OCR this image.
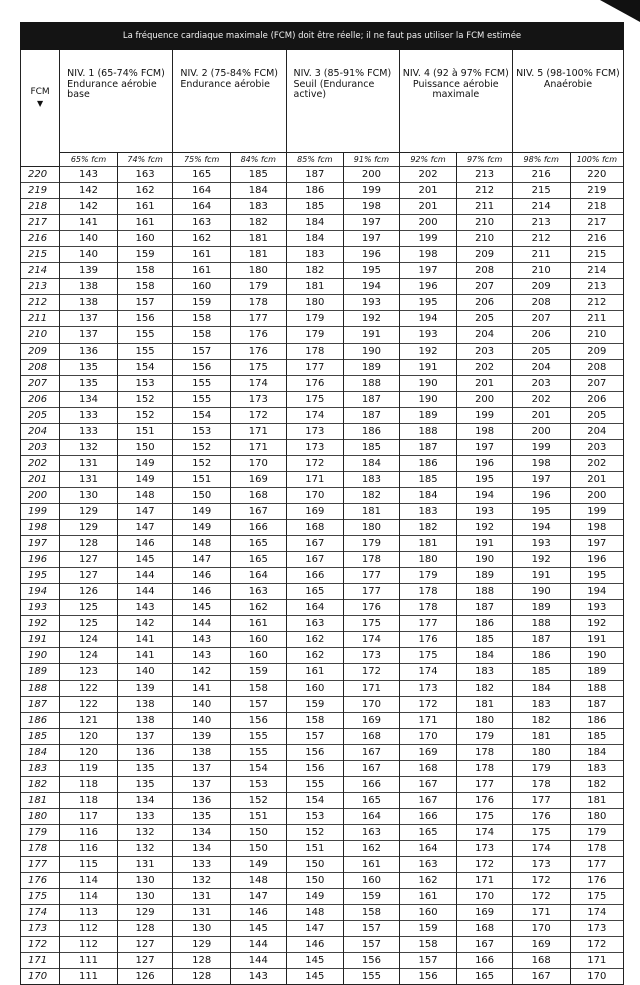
La fréquence cardiaque maximale (FCM) doit être réelle; il ne faut pas utiliser la FCM estimée
FCM
▼	NIV. 1 (65-74% FCM)
Endurance aérobie base		NIV. 2 (75-84% FCM)
Endurance aérobie		NIV. 3 (85-91% FCM)
Seuil (Endurance
active)		NIV. 4 (92 à 97% FCM)
Puissance aérobie
maximale		NIV. 5 (98-100% FCM)
Anaérobie	
	65% fcm	74% fcm	75% fcm	84% fcm	85% fcm	91% fcm	92% fcm	97% fcm	98% fcm	100% fcm
220	143	163	165	185	187	200	202	213	216	220
219	142	162	164	184	186	199	201	212	215	219
218	142	161	164	183	185	198	201	211	214	218
217	141	161	163	182	184	197	200	210	213	217
216	140	160	162	181	184	197	199	210	212	216
215	140	159	161	181	183	196	198	209	211	215
214	139	158	161	180	182	195	197	208	210	214
213	138	158	160	179	181	194	196	207	209	213
212	138	157	159	178	180	193	195	206	208	212
211	137	156	158	177	179	192	194	205	207	211
210	137	155	158	176	179	191	193	204	206	210
209	136	155	157	176	178	190	192	203	205	209
208	135	154	156	175	177	189	191	202	204	208
207	135	153	155	174	176	188	190	201	203	207
206	134	152	155	173	175	187	190	200	202	206
205	133	152	154	172	174	187	189	199	201	205
204	133	151	153	171	173	186	188	198	200	204
203	132	150	152	171	173	185	187	197	199	203
202	131	149	152	170	172	184	186	196	198	202
201	131	149	151	169	171	183	185	195	197	201
200	130	148	150	168	170	182	184	194	196	200
199	129	147	149	167	169	181	183	193	195	199
198	129	147	149	166	168	180	182	192	194	198
197	128	146	148	165	167	179	181	191	193	197
196	127	145	147	165	167	178	180	190	192	196
195	127	144	146	164	166	177	179	189	191	195
194	126	144	146	163	165	177	178	188	190	194
193	125	143	145	162	164	176	178	187	189	193
192	125	142	144	161	163	175	177	186	188	192
191	124	141	143	160	162	174	176	185	187	191
190	124	141	143	160	162	173	175	184	186	190
189	123	140	142	159	161	172	174	183	185	189
188	122	139	141	158	160	171	173	182	184	188
187	122	138	140	157	159	170	172	181	183	187
186	121	138	140	156	158	169	171	180	182	186
185	120	137	139	155	157	168	170	179	181	185
184	120	136	138	155	156	167	169	178	180	184
183	119	135	137	154	156	167	168	178	179	183
182	118	135	137	153	155	166	167	177	178	182
181	118	134	136	152	154	165	167	176	177	181
180	117	133	135	151	153	164	166	175	176	180
179	116	132	134	150	152	163	165	174	175	179
178	116	132	134	150	151	162	164	173	174	178
177	115	131	133	149	150	161	163	172	173	177
176	114	130	132	148	150	160	162	171	172	176
175	114	130	131	147	149	159	161	170	172	175
174	113	129	131	146	148	158	160	169	171	174
173	112	128	130	145	147	157	159	168	170	173
172	112	127	129	144	146	157	158	167	169	172
171	111	127	128	144	145	156	157	166	168	171
170	111	126	128	143	145	155	156	165	167	170
